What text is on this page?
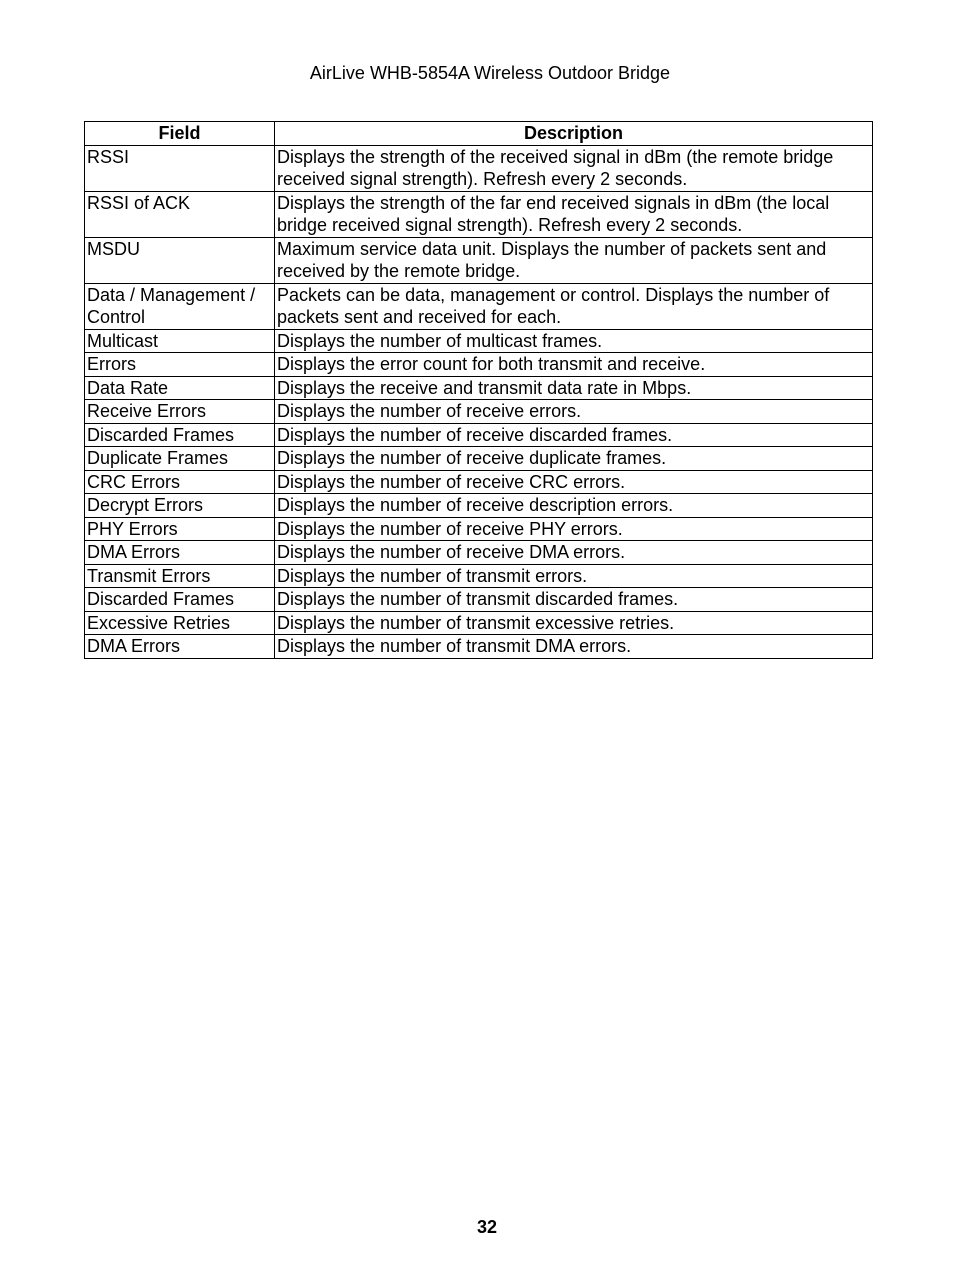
AirLive WHB-5854A Wireless Outdoor Bridge
Field	Description
RSSI	Displays the strength of the received signal in dBm (the remote bridge received signal strength). Refresh every 2 seconds.
RSSI of ACK	Displays the strength of the far end received signals in dBm (the local bridge received signal strength). Refresh every 2 seconds.
MSDU	Maximum service data unit. Displays the number of packets sent and received by the remote bridge.
Data / Management / Control	Packets can be data, management or control. Displays the number of packets sent and received for each.
Multicast	Displays the number of multicast frames.
Errors	Displays the error count for both transmit and receive.
Data Rate	Displays the receive and transmit data rate in Mbps.
Receive Errors	Displays the number of receive errors.
Discarded Frames	Displays the number of receive discarded frames.
Duplicate Frames	Displays the number of receive duplicate frames.
CRC Errors	Displays the number of receive CRC errors.
Decrypt Errors	Displays the number of receive description errors.
PHY Errors	Displays the number of receive PHY errors.
DMA Errors	Displays the number of receive DMA errors.
Transmit Errors	Displays the number of transmit errors.
Discarded Frames	Displays the number of transmit discarded frames.
Excessive Retries	Displays the number of transmit excessive retries.
DMA Errors	Displays the number of transmit DMA errors.
32
